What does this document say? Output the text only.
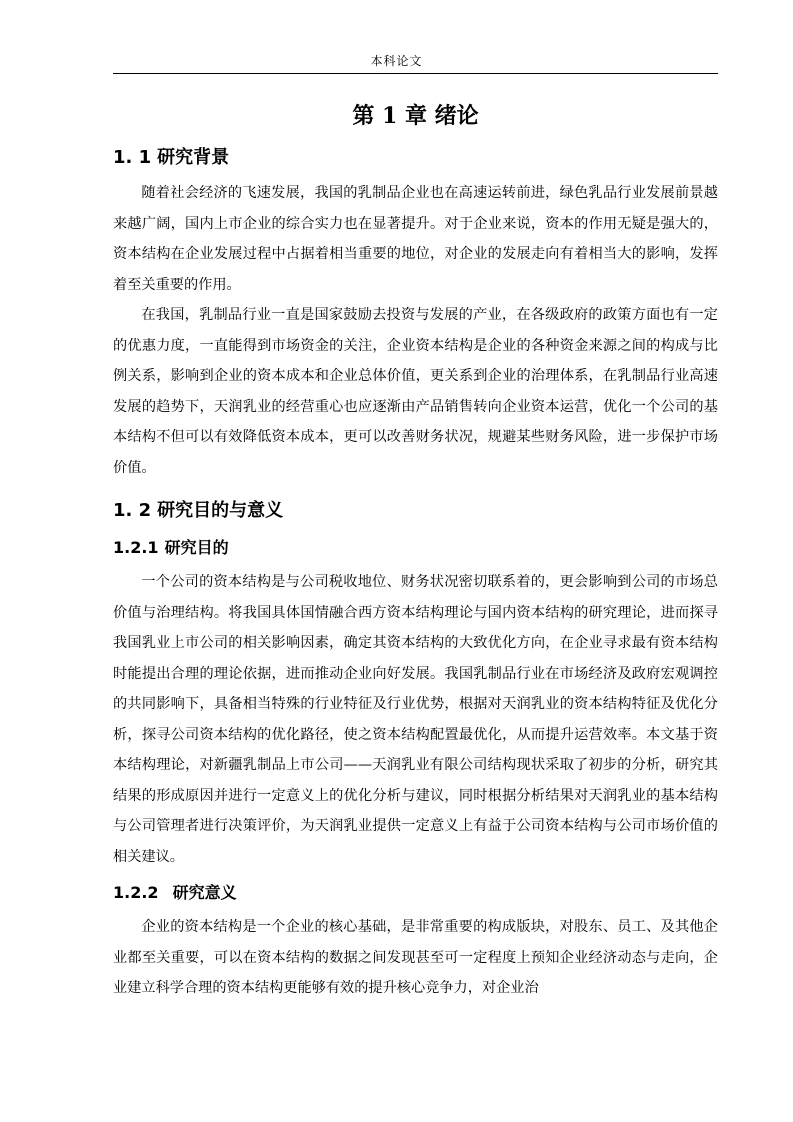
本科论文
第 1 章 绪论
1. 1 研究背景

随着社会经济的飞速发展，我国的乳制品企业也在高速运转前进，绿色乳品行业发展前景越来越广阔，国内上市企业的综合实力也在显著提升。对于企业来说，资本的作用无疑是强大的，资本结构在企业发展过程中占据着相当重要的地位，对企业的发展走向有着相当大的影响，发挥着至关重要的作用。

在我国，乳制品行业一直是国家鼓励去投资与发展的产业，在各级政府的政策方面也有一定的优惠力度，一直能得到市场资金的关注，企业资本结构是企业的各种资金来源之间的构成与比例关系，影响到企业的资本成本和企业总体价值，更关系到企业的治理体系，在乳制品行业高速发展的趋势下，天润乳业的经营重心也应逐渐由产品销售转向企业资本运营，优化一个公司的基本结构不但可以有效降低资本成本，更可以改善财务状况，规避某些财务风险，进一步保护市场价值。

1. 2 研究目的与意义
1.2.1 研究目的

一个公司的资本结构是与公司税收地位、财务状况密切联系着的，更会影响到公司的市场总价值与治理结构。将我国具体国情融合西方资本结构理论与国内资本结构的研究理论，进而探寻我国乳业上市公司的相关影响因素，确定其资本结构的大致优化方向，在企业寻求最有资本结构时能提出合理的理论依据，进而推动企业向好发展。我国乳制品行业在市场经济及政府宏观调控的共同影响下，具备相当特殊的行业特征及行业优势，根据对天润乳业的资本结构特征及优化分析，探寻公司资本结构的优化路径，使之资本结构配置最优化，从而提升运营效率。本文基于资本结构理论，对新疆乳制品上市公司——天润乳业有限公司结构现状采取了初步的分析，研究其结果的形成原因并进行一定意义上的优化分析与建议，同时根据分析结果对天润乳业的基本结构与公司管理者进行决策评价，为天润乳业提供一定意义上有益于公司资本结构与公司市场价值的相关建议。

1.2.2 研究意义

企业的资本结构是一个企业的核心基础，是非常重要的构成版块，对股东、员工、及其他企业都至关重要，可以在资本结构的数据之间发现甚至可一定程度上预知企业经济动态与走向，企业建立科学合理的资本结构更能够有效的提升核心竞争力，对企业治
